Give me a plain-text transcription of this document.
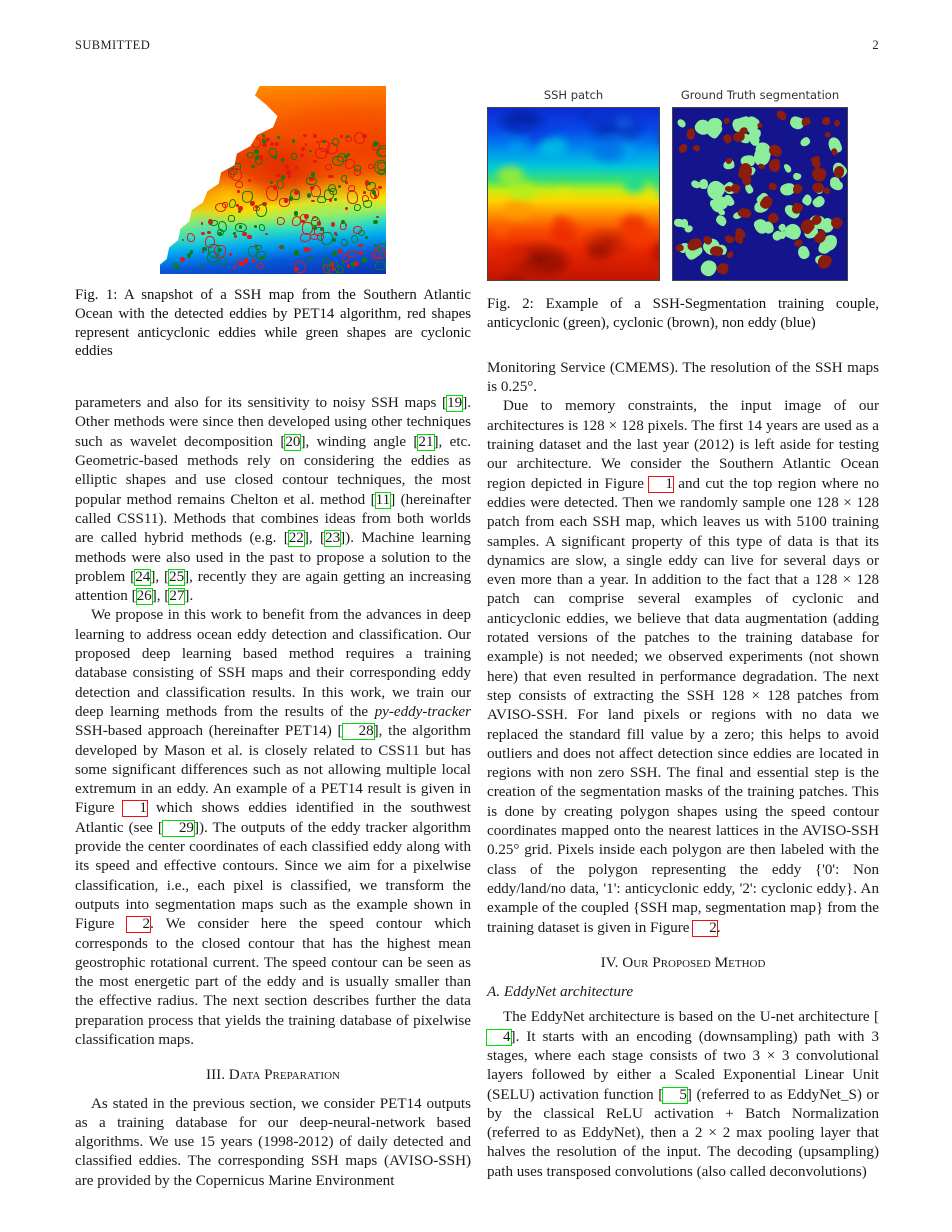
SUBMITTED	2
Fig. 1: A snapshot of a SSH map from the Southern Atlantic Ocean with the detected eddies by PET14 algorithm, red shapes represent anticyclonic eddies while green shapes are cyclonic eddies

parameters and also for its sensitivity to noisy SSH maps [19]. Other methods were since then developed using other techniques such as wavelet decomposition [20], winding angle [21], etc. Geometric-based methods rely on considering the eddies as elliptic shapes and use closed contour techniques, the most popular method remains Chelton et al. method [11] (hereinafter called CSS11). Methods that combines ideas from both worlds are called hybrid methods (e.g. [22], [23]). Machine learning methods were also used in the past to propose a solution to the problem [24], [25], recently they are again getting an increasing attention [26], [27].

We propose in this work to benefit from the advances in deep learning to address ocean eddy detection and classification. Our proposed deep learning based method requires a training database consisting of SSH maps and their corresponding eddy detection and classification results. In this work, we train our deep learning methods from the results of the py-eddy-tracker SSH-based approach (hereinafter PET14) [ 28], the algorithm developed by Mason et al. is closely related to CSS11 but has some significant differences such as not allowing multiple local extremum in an eddy. An example of a PET14 result is given in Figure 1 which shows eddies identified in the southwest Atlantic (see [ 29]). The outputs of the eddy tracker algorithm provide the center coordinates of each classified eddy along with its speed and effective contours. Since we aim for a pixelwise classification, i.e., each pixel is classified, we transform the outputs into segmentation maps such as the example shown in Figure 2. We consider here the speed contour which corresponds to the closed contour that has the highest mean geostrophic rotational current. The speed contour can be seen as the most energetic part of the eddy and is usually smaller than the effective radius. The next section describes further the data preparation process that yields the training database of pixelwise classification maps.

III. Data Preparation

As stated in the previous section, we consider PET14 outputs as a training database for our deep-neural-network based algorithms. We use 15 years (1998-2012) of daily detected and classified eddies. The corresponding SSH maps (AVISO-SSH) are provided by the Copernicus Marine Environment

SSH patch	Ground Truth segmentation
Fig. 2: Example of a SSH-Segmentation training couple, anticyclonic (green), cyclonic (brown), non eddy (blue)

Monitoring Service (CMEMS). The resolution of the SSH maps is 0.25°.

Due to memory constraints, the input image of our architectures is 128 × 128 pixels. The first 14 years are used as a training dataset and the last year (2012) is left aside for testing our architecture. We consider the Southern Atlantic Ocean region depicted in Figure 1 and cut the top region where no eddies were detected. Then we randomly sample one 128 × 128 patch from each SSH map, which leaves us with 5100 training samples. A significant property of this type of data is that its dynamics are slow, a single eddy can live for several days or even more than a year. In addition to the fact that a 128 × 128 patch can comprise several examples of cyclonic and anticyclonic eddies, we believe that data augmentation (adding rotated versions of the patches to the training database for example) is not needed; we observed experiments (not shown here) that even resulted in performance degradation. The next step consists of extracting the SSH 128 × 128 patches from AVISO-SSH. For land pixels or regions with no data we replaced the standard fill value by a zero; this helps to avoid outliers and does not affect detection since eddies are located in regions with non zero SSH. The final and essential step is the creation of the segmentation masks of the training patches. This is done by creating polygon shapes using the speed contour coordinates mapped onto the nearest lattices in the AVISO-SSH 0.25° grid. Pixels inside each polygon are then labeled with the class of the polygon representing the eddy {'0': Non eddy/land/no data, '1': anticyclonic eddy, '2': cyclonic eddy}. An example of the coupled {SSH map, segmentation map} from the training dataset is given in Figure 2.

IV. Our Proposed Method
A. EddyNet architecture

The EddyNet architecture is based on the U-net architecture [4]. It starts with an encoding (downsampling) path with 3 stages, where each stage consists of two 3 × 3 convolutional layers followed by either a Scaled Exponential Linear Unit (SELU) activation function [ 5] (referred to as EddyNet_S) or by the classical ReLU activation + Batch Normalization (referred to as EddyNet), then a 2 × 2 max pooling layer that halves the resolution of the input. The decoding (upsampling) path uses transposed convolutions (also called deconvolutions)
